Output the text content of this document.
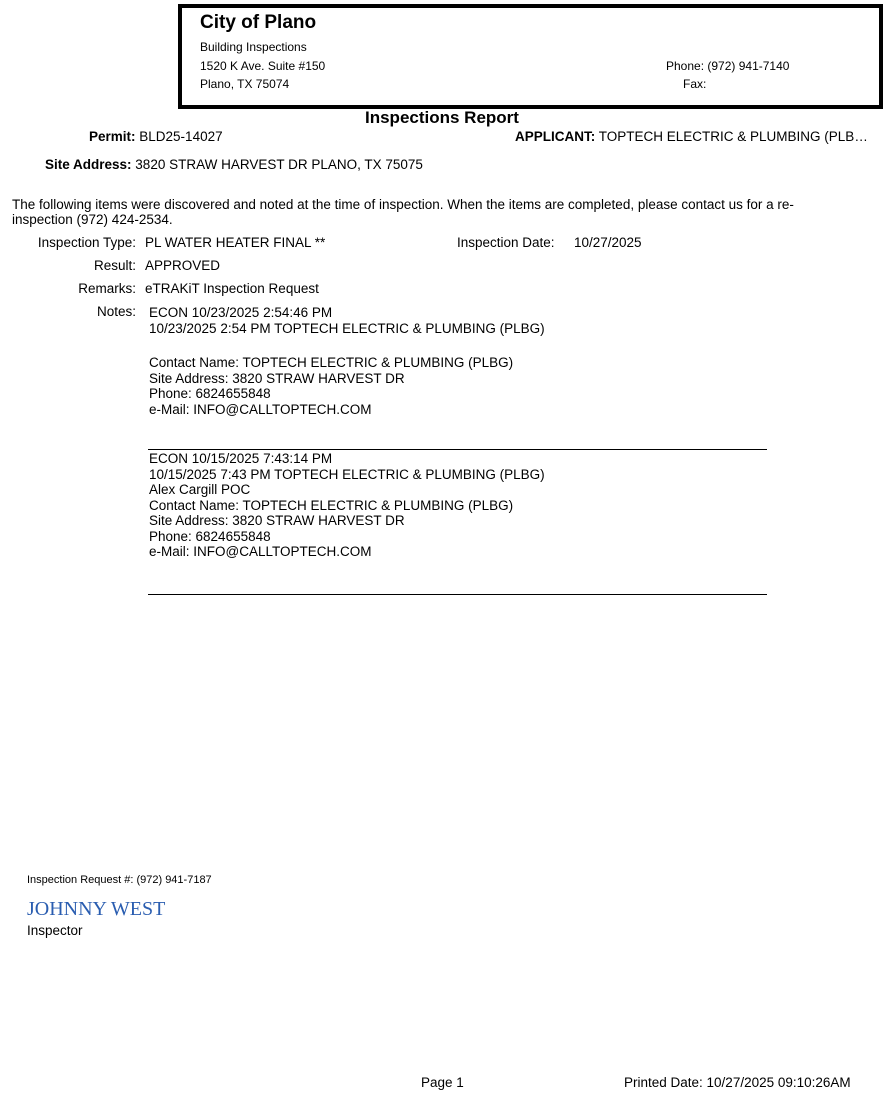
City of Plano
Building Inspections
1520 K Ave. Suite #150
Plano, TX 75074
Phone: (972) 941-7140
Fax:
Inspections Report
Permit: BLD25-14027	APPLICANT: TOPTECH ELECTRIC & PLUMBING (PLB…
Site Address: 3820 STRAW HARVEST DR PLANO, TX 75075
The following items were discovered and noted at the time of inspection. When the items are completed, please contact us for a re-
inspection (972) 424-2534.
Inspection Type: PL WATER HEATER FINAL **	Inspection Date: 10/27/2025
Result: APPROVED
Remarks: eTRAKiT Inspection Request
Notes: ECON 10/23/2025 2:54:46 PM
10/23/2025 2:54 PM TOPTECH ELECTRIC & PLUMBING (PLBG)
Contact Name: TOPTECH ELECTRIC & PLUMBING (PLBG)
Site Address: 3820 STRAW HARVEST DR
Phone: 6824655848
e-Mail: INFO@CALLTOPTECH.COM
ECON 10/15/2025 7:43:14 PM
10/15/2025 7:43 PM TOPTECH ELECTRIC & PLUMBING (PLBG)
Alex Cargill POC
Contact Name: TOPTECH ELECTRIC & PLUMBING (PLBG)
Site Address: 3820 STRAW HARVEST DR
Phone: 6824655848
e-Mail: INFO@CALLTOPTECH.COM
Inspection Request #: (972) 941-7187
JOHNNY WEST
Inspector
Page 1	Printed Date: 10/27/2025 09:10:26AM
